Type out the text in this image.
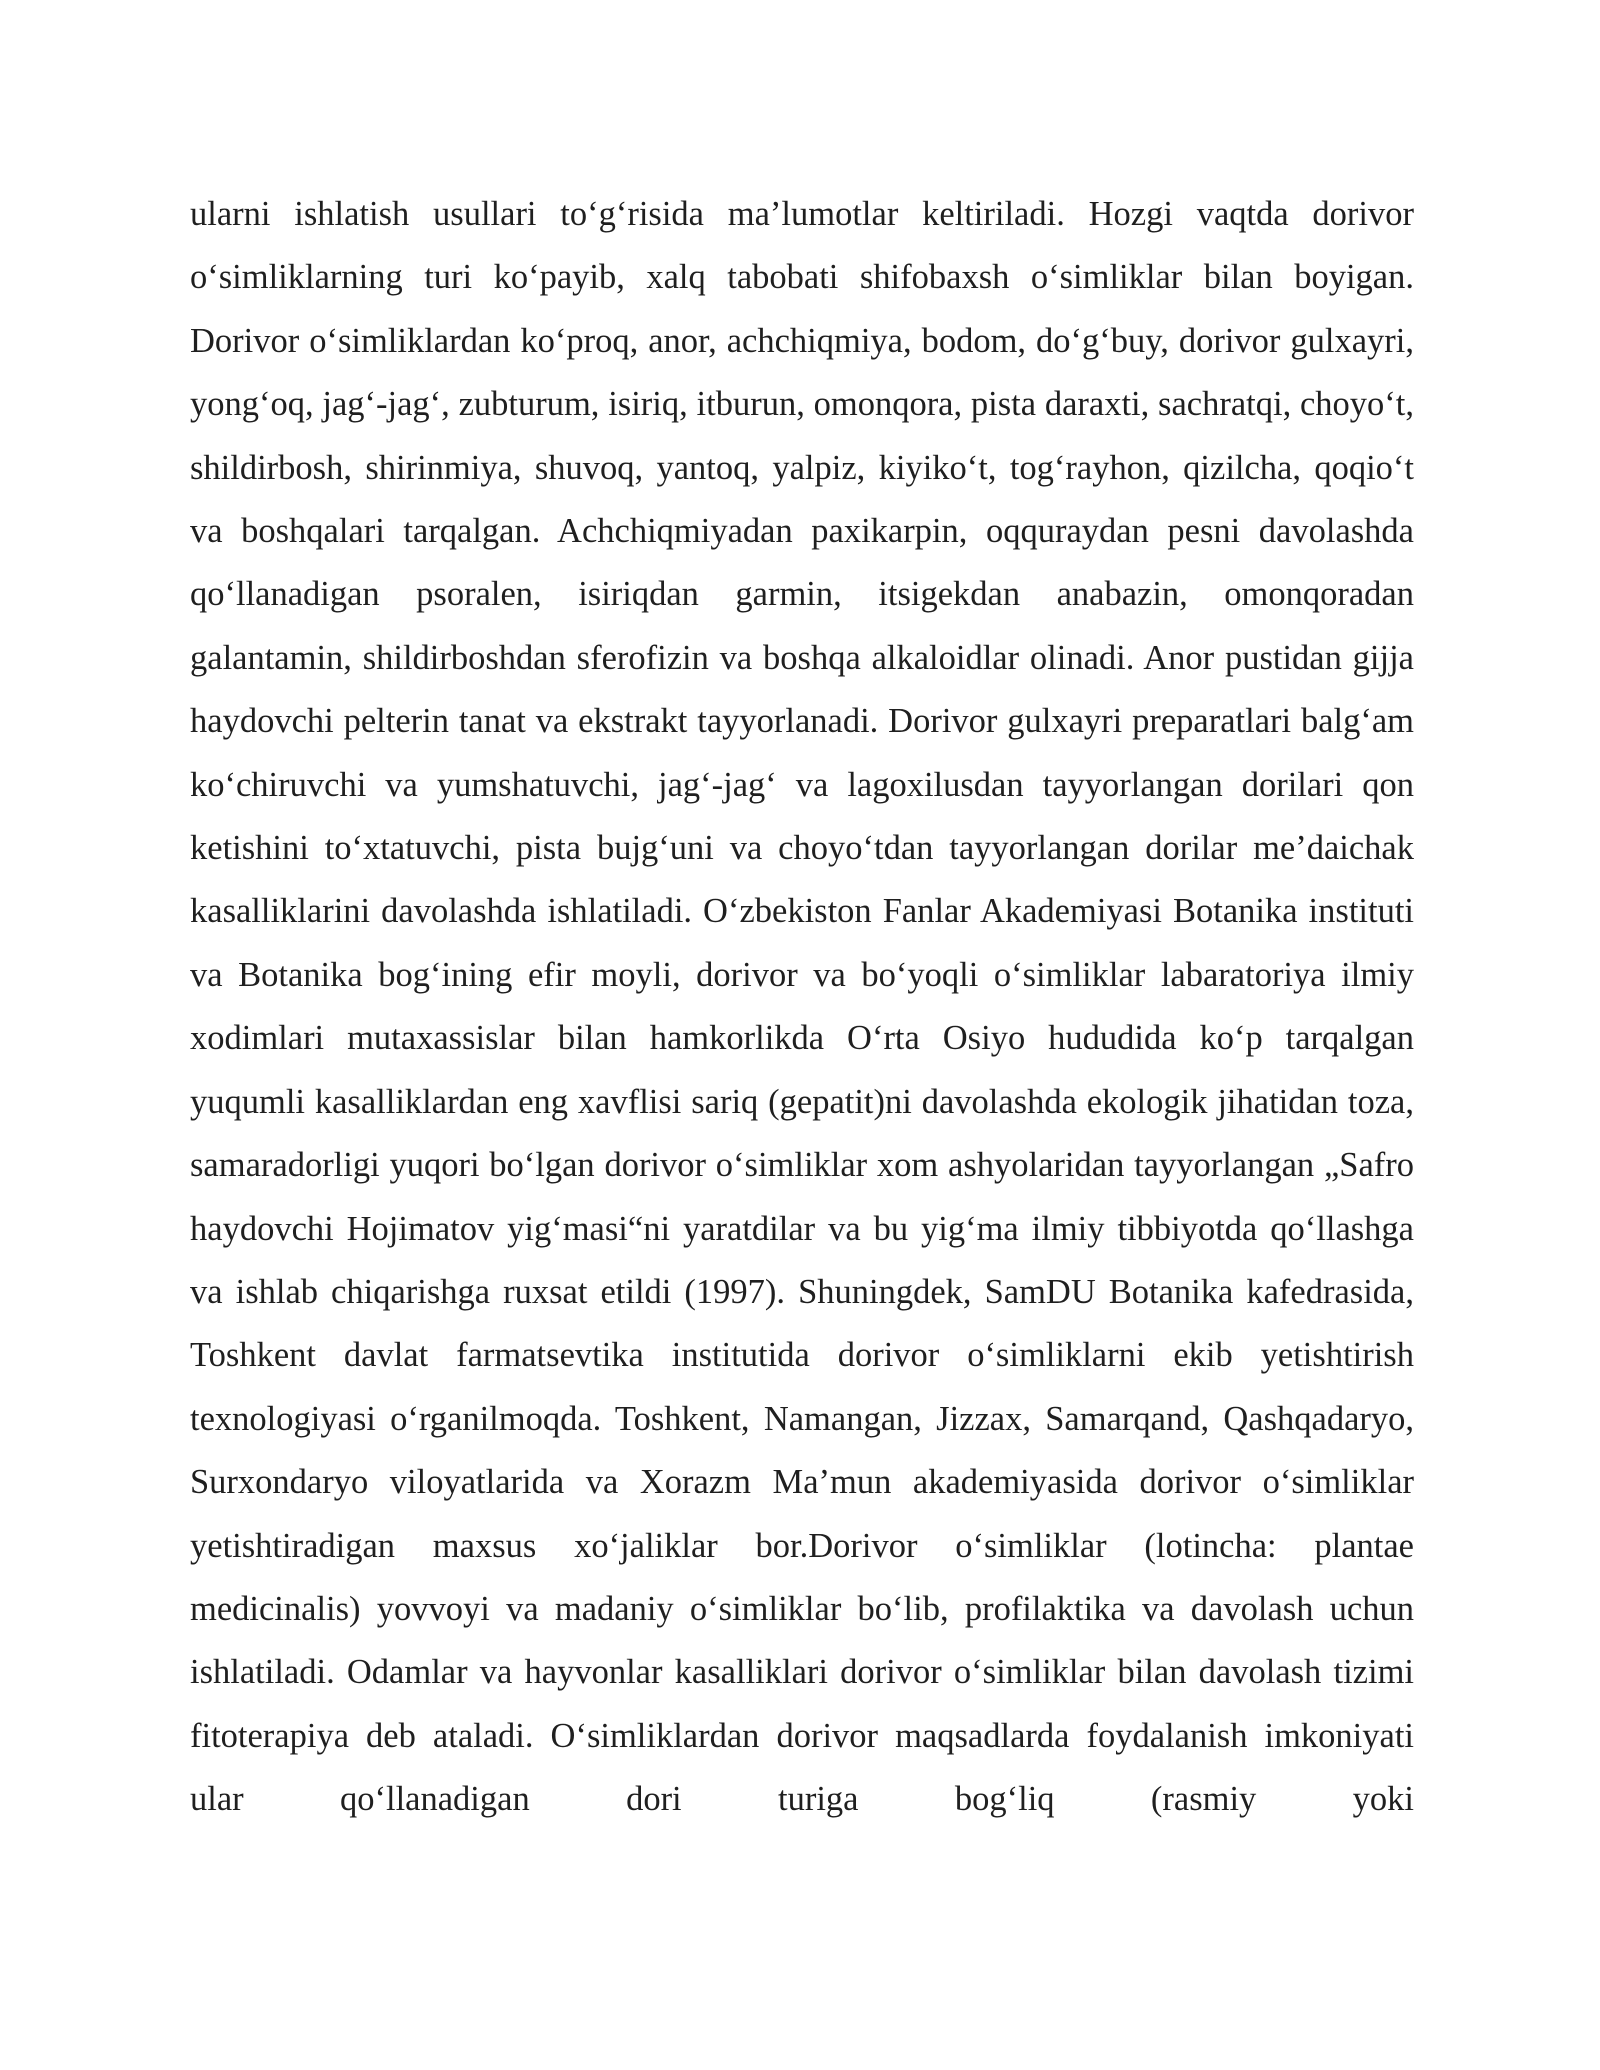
ularni ishlatish usullari to‘g‘risida ma’lumotlar keltiriladi. Hozgi vaqtda dorivor o‘simliklarning turi ko‘payib, xalq tabobati shifobaxsh o‘simliklar bilan boyigan. Dorivor o‘simliklardan ko‘proq, anor, achchiqmiya, bodom, do‘g‘buy, dorivor gulxayri, yong‘oq, jag‘-jag‘, zubturum, isiriq, itburun, omonqora, pista daraxti, sachratqi, choyo‘t, shildirbosh, shirinmiya, shuvoq, yantoq, yalpiz, kiyiko‘t, tog‘rayhon, qizilcha, qoqio‘t va boshqalari tarqalgan. Achchiqmiyadan paxikarpin, oqquraydan pesni davolashda qo‘llanadigan psoralen, isiriqdan garmin, itsigekdan anabazin, omonqoradan galantamin, shildirboshdan sferofizin va boshqa alkaloidlar olinadi. Anor pustidan gijja haydovchi pelterin tanat va ekstrakt tayyorlanadi. Dorivor gulxayri preparatlari balg‘am ko‘chiruvchi va yumshatuvchi, jag‘-jag‘ va lagoxilusdan tayyorlangan dorilari qon ketishini to‘xtatuvchi, pista bujg‘uni va choyo‘tdan tayyorlangan dorilar me’daichak kasalliklarini davolashda ishlatiladi. O‘zbekiston Fanlar Akademiyasi Botanika instituti va Botanika bog‘ining efir moyli, dorivor va bo‘yoqli o‘simliklar labaratoriya ilmiy xodimlari mutaxassislar bilan hamkorlikda O‘rta Osiyo hududida ko‘p tarqalgan yuqumli kasalliklardan eng xavflisi sariq (gepatit)ni davolashda ekologik jihatidan toza, samaradorligi yuqori bo‘lgan dorivor o‘simliklar xom ashyolaridan tayyorlangan „Safro haydovchi Hojimatov yig‘masi“ni yaratdilar va bu yig‘ma ilmiy tibbiyotda qo‘llashga va ishlab chiqarishga ruxsat etildi (1997). Shuningdek, SamDU Botanika kafedrasida, Toshkent davlat farmatsevtika institutida dorivor o‘simliklarni ekib yetishtirish texnologiyasi o‘rganilmoqda. Toshkent, Namangan, Jizzax, Samarqand, Qashqadaryo, Surxondaryo viloyatlarida va Xorazm Ma’mun akademiyasida dorivor o‘simliklar yetishtiradigan maxsus xo‘jaliklar bor.Dorivor o‘simliklar (lotincha: plantae medicinalis) yovvoyi va madaniy o‘simliklar bo‘lib, profilaktika va davolash uchun ishlatiladi. Odamlar va hayvonlar kasalliklari dorivor o‘simliklar bilan davolash tizimi fitoterapiya deb ataladi. O‘simliklardan dorivor maqsadlarda foydalanish imkoniyati ular qo‘llanadigan dori turiga bog‘liq (rasmiy yoki
